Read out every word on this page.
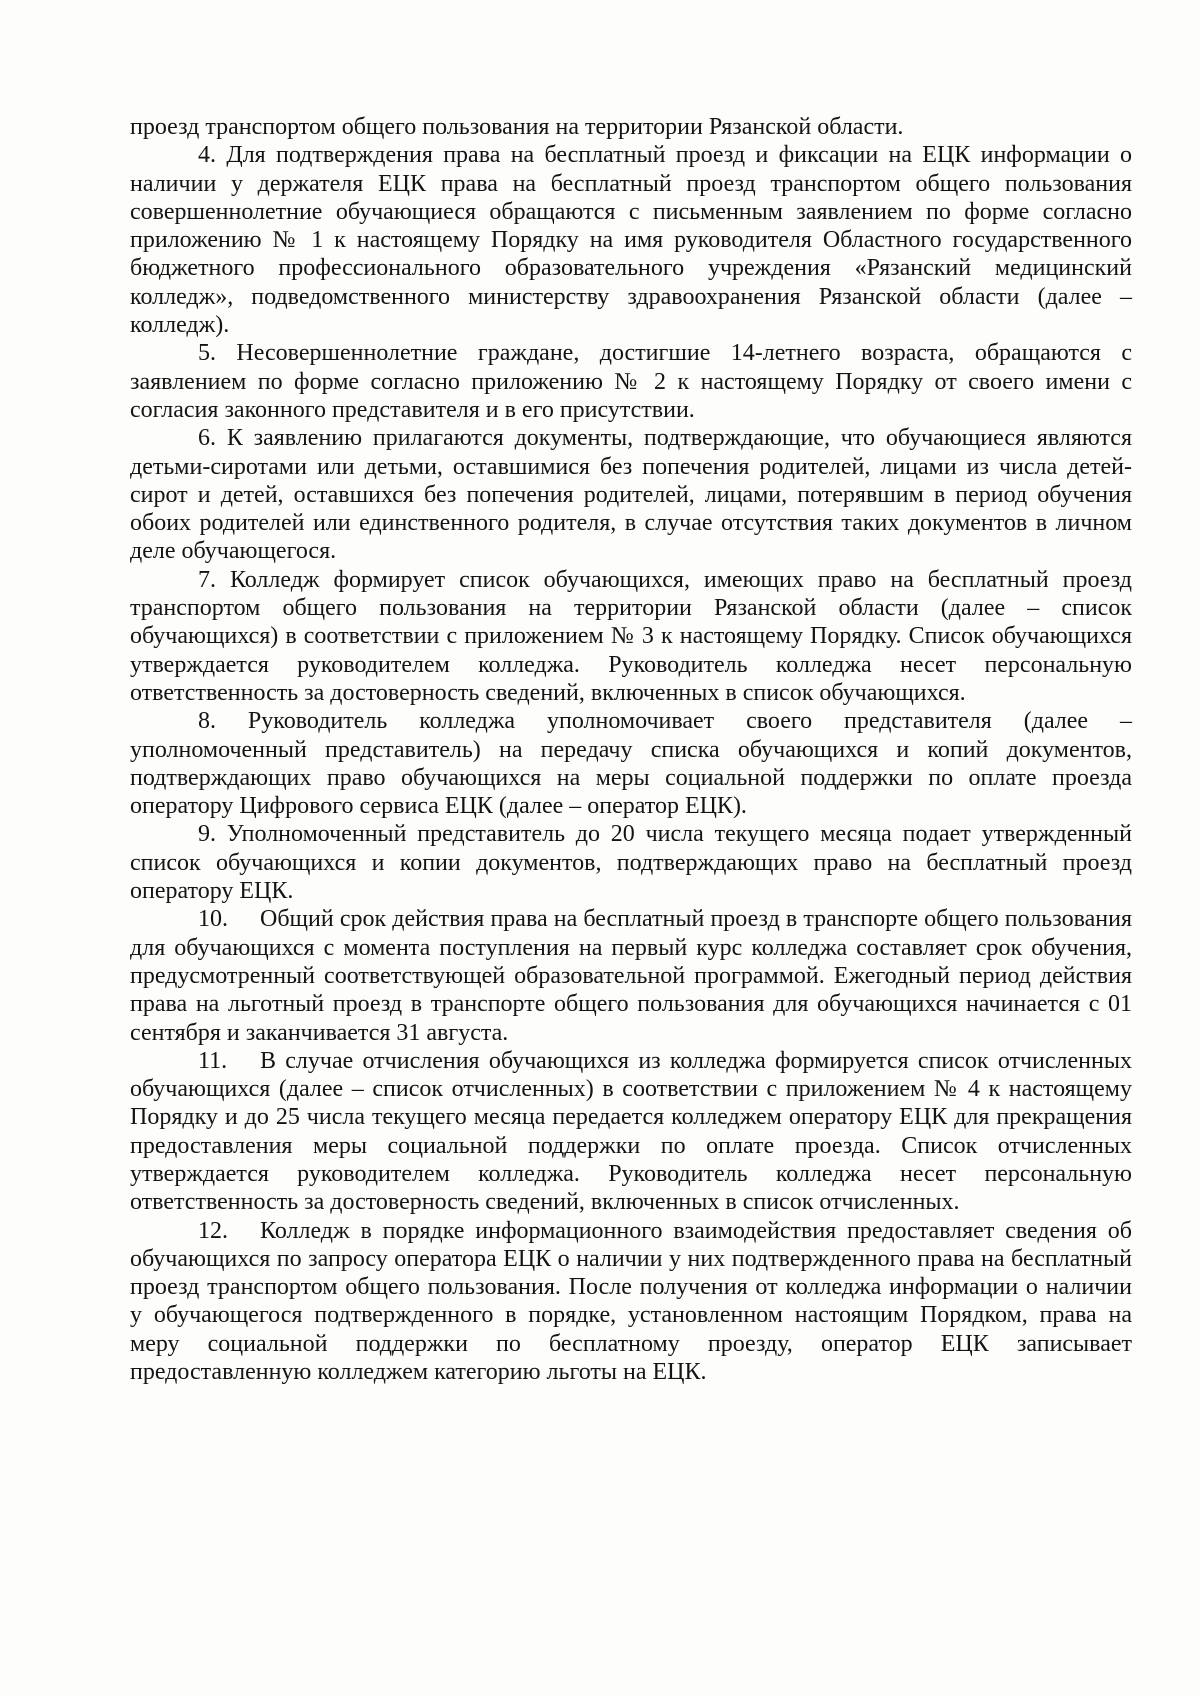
проезд транспортом общего пользования на территории Рязанской области.

4. Для подтверждения права на бесплатный проезд и фиксации на ЕЦК информации о наличии у держателя ЕЦК права на бесплатный проезд транспортом общего пользования совершеннолетние обучающиеся обращаются с письменным заявлением по форме согласно приложению № 1 к настоящему Порядку на имя руководителя Областного государственного бюджетного профессионального образовательного учреждения «Рязанский медицинский колледж», подведомственного министерству здравоохранения Рязанской области (далее – колледж).

5. Несовершеннолетние граждане, достигшие 14-летнего возраста, обращаются с заявлением по форме согласно приложению № 2 к настоящему Порядку от своего имени с согласия законного представителя и в его присутствии.

6. К заявлению прилагаются документы, подтверждающие, что обучающиеся являются детьми-сиротами или детьми, оставшимися без попечения родителей, лицами из числа детей-сирот и детей, оставшихся без попечения родителей, лицами, потерявшим в период обучения обоих родителей или единственного родителя, в случае отсутствия таких документов в личном деле обучающегося.

7. Колледж формирует список обучающихся, имеющих право на бесплатный проезд транспортом общего пользования на территории Рязанской области (далее – список обучающихся) в соответствии с приложением № 3 к настоящему Порядку. Список обучающихся утверждается руководителем колледжа. Руководитель колледжа несет персональную ответственность за достоверность сведений, включенных в список обучающихся.

8. Руководитель колледжа уполномочивает своего представителя (далее – уполномоченный представитель) на передачу списка обучающихся и копий документов, подтверждающих право обучающихся на меры социальной поддержки по оплате проезда оператору Цифрового сервиса ЕЦК (далее – оператор ЕЦК).

9. Уполномоченный представитель до 20 числа текущего месяца подает утвержденный список обучающихся и копии документов, подтверждающих право на бесплатный проезд оператору ЕЦК.

10. Общий срок действия права на бесплатный проезд в транспорте общего пользования для обучающихся с момента поступления на первый курс колледжа составляет срок обучения, предусмотренный соответствующей образовательной программой. Ежегодный период действия права на льготный проезд в транспорте общего пользования для обучающихся начинается с 01 сентября и заканчивается 31 августа.

11. В случае отчисления обучающихся из колледжа формируется список отчисленных обучающихся (далее – список отчисленных) в соответствии с приложением № 4 к настоящему Порядку и до 25 числа текущего месяца передается колледжем оператору ЕЦК для прекращения предоставления меры социальной поддержки по оплате проезда. Список отчисленных утверждается руководителем колледжа. Руководитель колледжа несет персональную ответственность за достоверность сведений, включенных в список отчисленных.

12. Колледж в порядке информационного взаимодействия предоставляет сведения об обучающихся по запросу оператора ЕЦК о наличии у них подтвержденного права на бесплатный проезд транспортом общего пользования. После получения от колледжа информации о наличии у обучающегося подтвержденного в порядке, установленном настоящим Порядком, права на меру социальной поддержки по бесплатному проезду, оператор ЕЦК записывает предоставленную колледжем категорию льготы на ЕЦК.
